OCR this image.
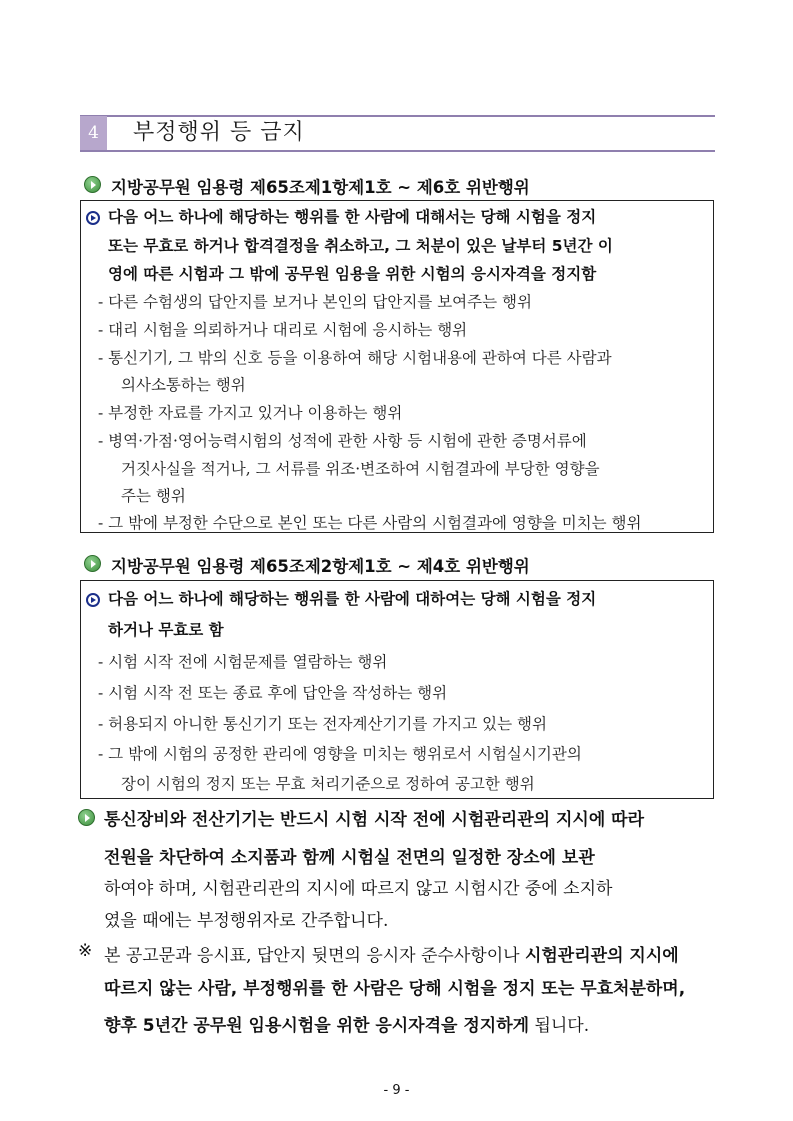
4	부정행위 등 금지
지방공무원 임용령 제65조제1항제1호 ~ 제6호 위반행위
다음 어느 하나에 해당하는 행위를 한 사람에 대해서는 당해 시험을 정지
또는 무효로 하거나 합격결정을 취소하고, 그 처분이 있은 날부터 5년간 이
영에 따른 시험과 그 밖에 공무원 임용을 위한 시험의 응시자격을 정지함
- 다른 수험생의 답안지를 보거나 본인의 답안지를 보여주는 행위
- 대리 시험을 의뢰하거나 대리로 시험에 응시하는 행위
- 통신기기, 그 밖의 신호 등을 이용하여 해당 시험내용에 관하여 다른 사람과
의사소통하는 행위
- 부정한 자료를 가지고 있거나 이용하는 행위
- 병역·가점·영어능력시험의 성적에 관한 사항 등 시험에 관한 증명서류에
거짓사실을 적거나, 그 서류를 위조·변조하여 시험결과에 부당한 영향을
주는 행위
- 그 밖에 부정한 수단으로 본인 또는 다른 사람의 시험결과에 영향을 미치는 행위
지방공무원 임용령 제65조제2항제1호 ~ 제4호 위반행위
다음 어느 하나에 해당하는 행위를 한 사람에 대하여는 당해 시험을 정지
하거나 무효로 함
- 시험 시작 전에 시험문제를 열람하는 행위
- 시험 시작 전 또는 종료 후에 답안을 작성하는 행위
- 허용되지 아니한 통신기기 또는 전자계산기기를 가지고 있는 행위
- 그 밖에 시험의 공정한 관리에 영향을 미치는 행위로서 시험실시기관의
장이 시험의 정지 또는 무효 처리기준으로 정하여 공고한 행위
통신장비와 전산기기는 반드시 시험 시작 전에 시험관리관의 지시에 따라
전원을 차단하여 소지품과 함께 시험실 전면의 일정한 장소에 보관
하여야 하며, 시험관리관의 지시에 따르지 않고 시험시간 중에 소지하
였을 때에는 부정행위자로 간주합니다.
※ 본 공고문과 응시표, 답안지 뒷면의 응시자 준수사항이나 시험관리관의 지시에
따르지 않는 사람, 부정행위를 한 사람은 당해 시험을 정지 또는 무효처분하며,
향후 5년간 공무원 임용시험을 위한 응시자격을 정지하게 됩니다.
- 9 -
